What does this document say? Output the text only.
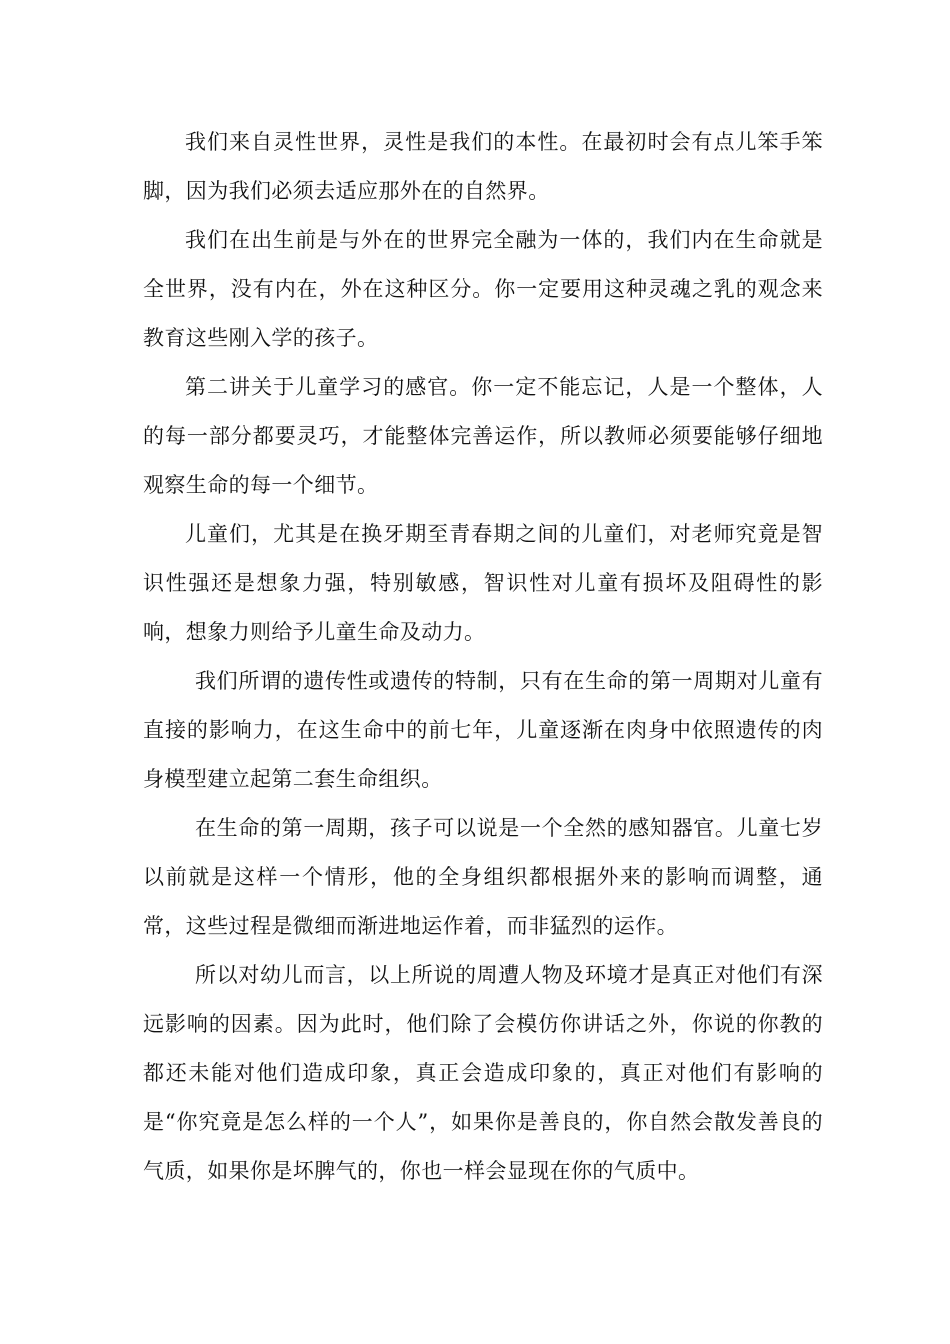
我们来自灵性世界，灵性是我们的本性。在最初时会有点儿笨手笨脚，因为我们必须去适应那外在的自然界。

我们在出生前是与外在的世界完全融为一体的，我们内在生命就是全世界，没有内在，外在这种区分。你一定要用这种灵魂之乳的观念来教育这些刚入学的孩子。

第二讲关于儿童学习的感官。你一定不能忘记，人是一个整体，人的每一部分都要灵巧，才能整体完善运作，所以教师必须要能够仔细地观察生命的每一个细节。

儿童们，尤其是在换牙期至青春期之间的儿童们，对老师究竟是智识性强还是想象力强，特别敏感，智识性对儿童有损坏及阻碍性的影响，想象力则给予儿童生命及动力。

我们所谓的遗传性或遗传的特制，只有在生命的第一周期对儿童有直接的影响力，在这生命中的前七年，儿童逐渐在肉身中依照遗传的肉身模型建立起第二套生命组织。

在生命的第一周期，孩子可以说是一个全然的感知器官。儿童七岁以前就是这样一个情形，他的全身组织都根据外来的影响而调整，通常，这些过程是微细而渐进地运作着，而非猛烈的运作。

所以对幼儿而言，以上所说的周遭人物及环境才是真正对他们有深远影响的因素。因为此时，他们除了会模仿你讲话之外，你说的你教的都还未能对他们造成印象，真正会造成印象的，真正对他们有影响的是“你究竟是怎么样的一个人”，如果你是善良的，你自然会散发善良的气质，如果你是坏脾气的，你也一样会显现在你的气质中。
